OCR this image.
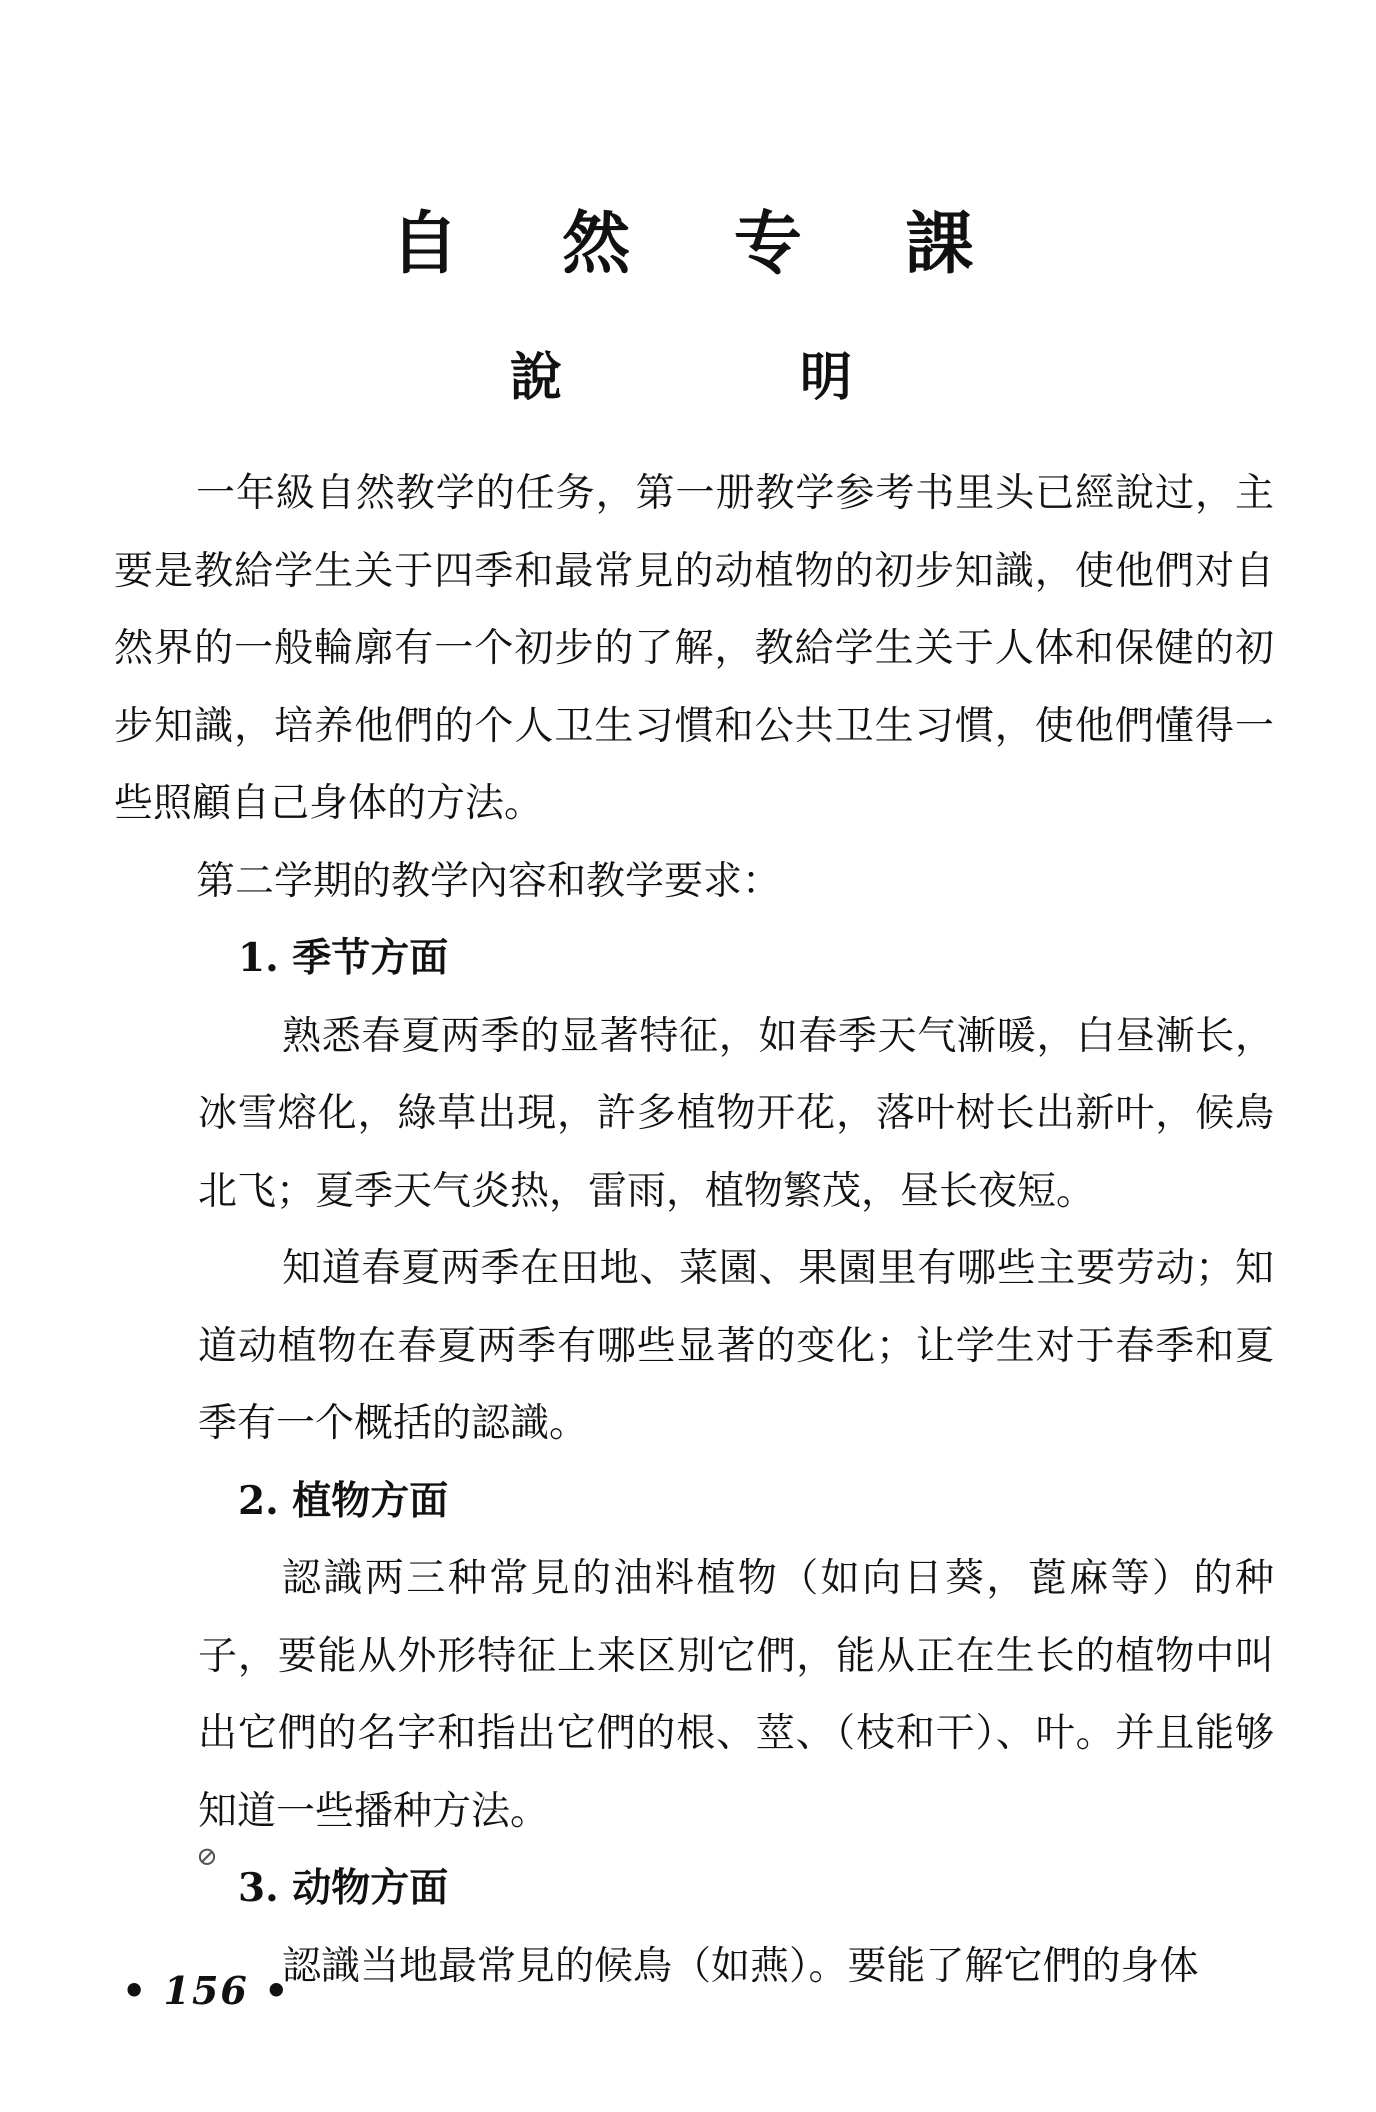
自 然 专 課
說 明

一年級自然教学的任务，第一册教学参考书里头已經說过，主要是教給学生关于四季和最常見的动植物的初步知識，使他們对自然界的一般輪廓有一个初步的了解，教給学生关于人体和保健的初步知識，培养他們的个人卫生习慣和公共卫生习慣，使他們懂得一些照顧自己身体的方法。

第二学期的教学內容和教学要求：

1. 季节方面

熟悉春夏两季的显著特征，如春季天气漸暖，白昼漸长，冰雪熔化，綠草出現，許多植物开花，落叶树长出新叶，候鳥北飞；夏季天气炎热，雷雨，植物繁茂，昼长夜短。

知道春夏两季在田地、菜園、果園里有哪些主要劳动；知道动植物在春夏两季有哪些显著的变化；让学生对于春季和夏季有一个概括的認識。

2. 植物方面

認識两三种常見的油料植物（如向日葵，蓖麻等）的种子，要能从外形特征上来区別它們，能从正在生长的植物中叫出它們的名字和指出它們的根、莖、（枝和干）、叶。并且能够知道一些播种方法。

3. 动物方面

認識当地最常見的候鳥（如燕）。要能了解它們的身体

⊘
• 156 •
